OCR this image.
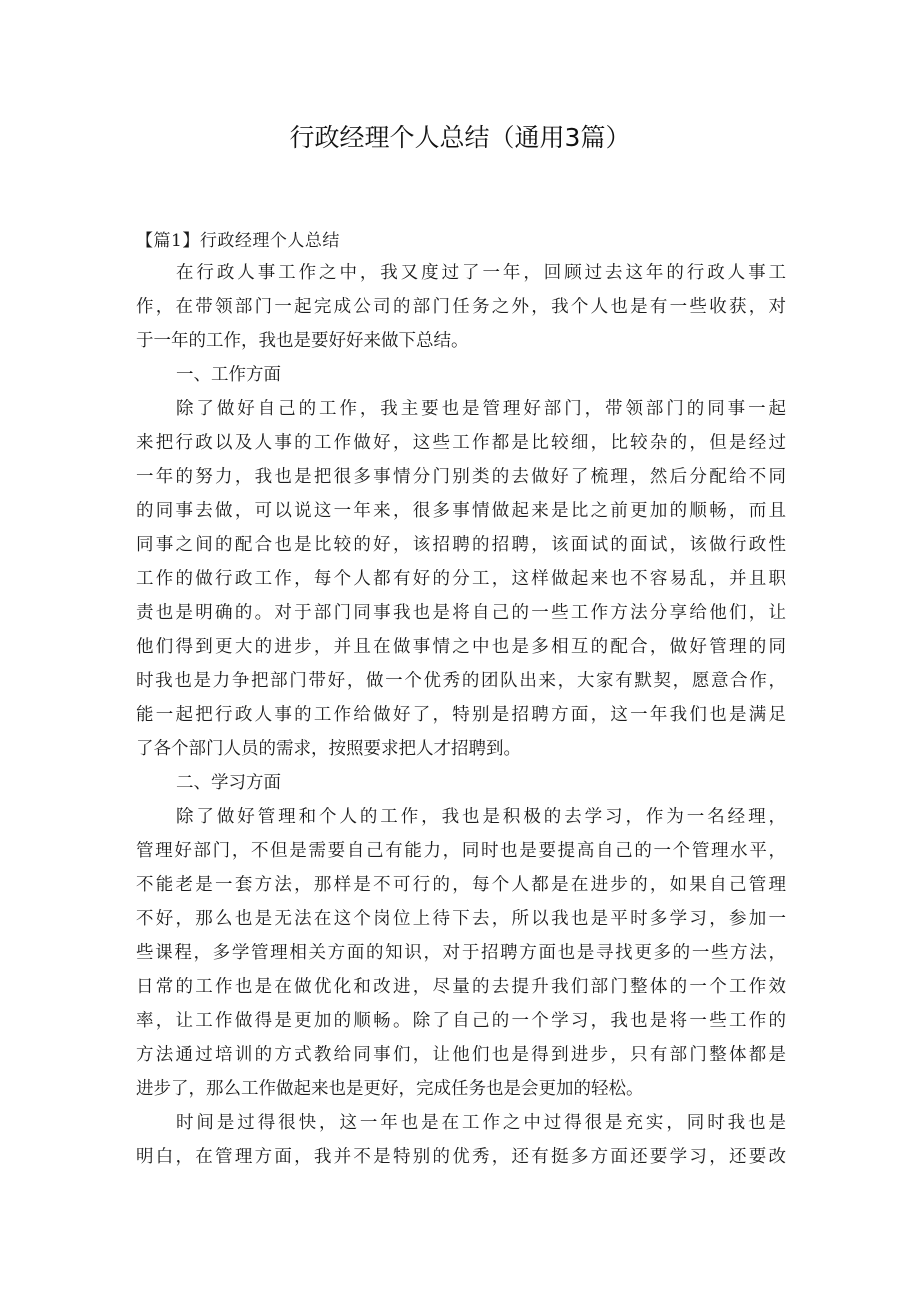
行政经理个人总结（通用3篇）
【篇1】行政经理个人总结
在行政人事工作之中，我又度过了一年，回顾过去这年的行政人事工
作，在带领部门一起完成公司的部门任务之外，我个人也是有一些收获，对
于一年的工作，我也是要好好来做下总结。
一、工作方面
除了做好自己的工作，我主要也是管理好部门，带领部门的同事一起
来把行政以及人事的工作做好，这些工作都是比较细，比较杂的，但是经过
一年的努力，我也是把很多事情分门别类的去做好了梳理，然后分配给不同
的同事去做，可以说这一年来，很多事情做起来是比之前更加的顺畅，而且
同事之间的配合也是比较的好，该招聘的招聘，该面试的面试，该做行政性
工作的做行政工作，每个人都有好的分工，这样做起来也不容易乱，并且职
责也是明确的。对于部门同事我也是将自己的一些工作方法分享给他们，让
他们得到更大的进步，并且在做事情之中也是多相互的配合，做好管理的同
时我也是力争把部门带好，做一个优秀的团队出来，大家有默契，愿意合作，
能一起把行政人事的工作给做好了，特别是招聘方面，这一年我们也是满足
了各个部门人员的需求，按照要求把人才招聘到。
二、学习方面
除了做好管理和个人的工作，我也是积极的去学习，作为一名经理，
管理好部门，不但是需要自己有能力，同时也是要提高自己的一个管理水平，
不能老是一套方法，那样是不可行的，每个人都是在进步的，如果自己管理
不好，那么也是无法在这个岗位上待下去，所以我也是平时多学习，参加一
些课程，多学管理相关方面的知识，对于招聘方面也是寻找更多的一些方法，
日常的工作也是在做优化和改进，尽量的去提升我们部门整体的一个工作效
率，让工作做得是更加的顺畅。除了自己的一个学习，我也是将一些工作的
方法通过培训的方式教给同事们，让他们也是得到进步，只有部门整体都是
进步了，那么工作做起来也是更好，完成任务也是会更加的轻松。
时间是过得很快，这一年也是在工作之中过得很是充实，同时我也是
明白，在管理方面，我并不是特别的优秀，还有挺多方面还要学习，还要改
